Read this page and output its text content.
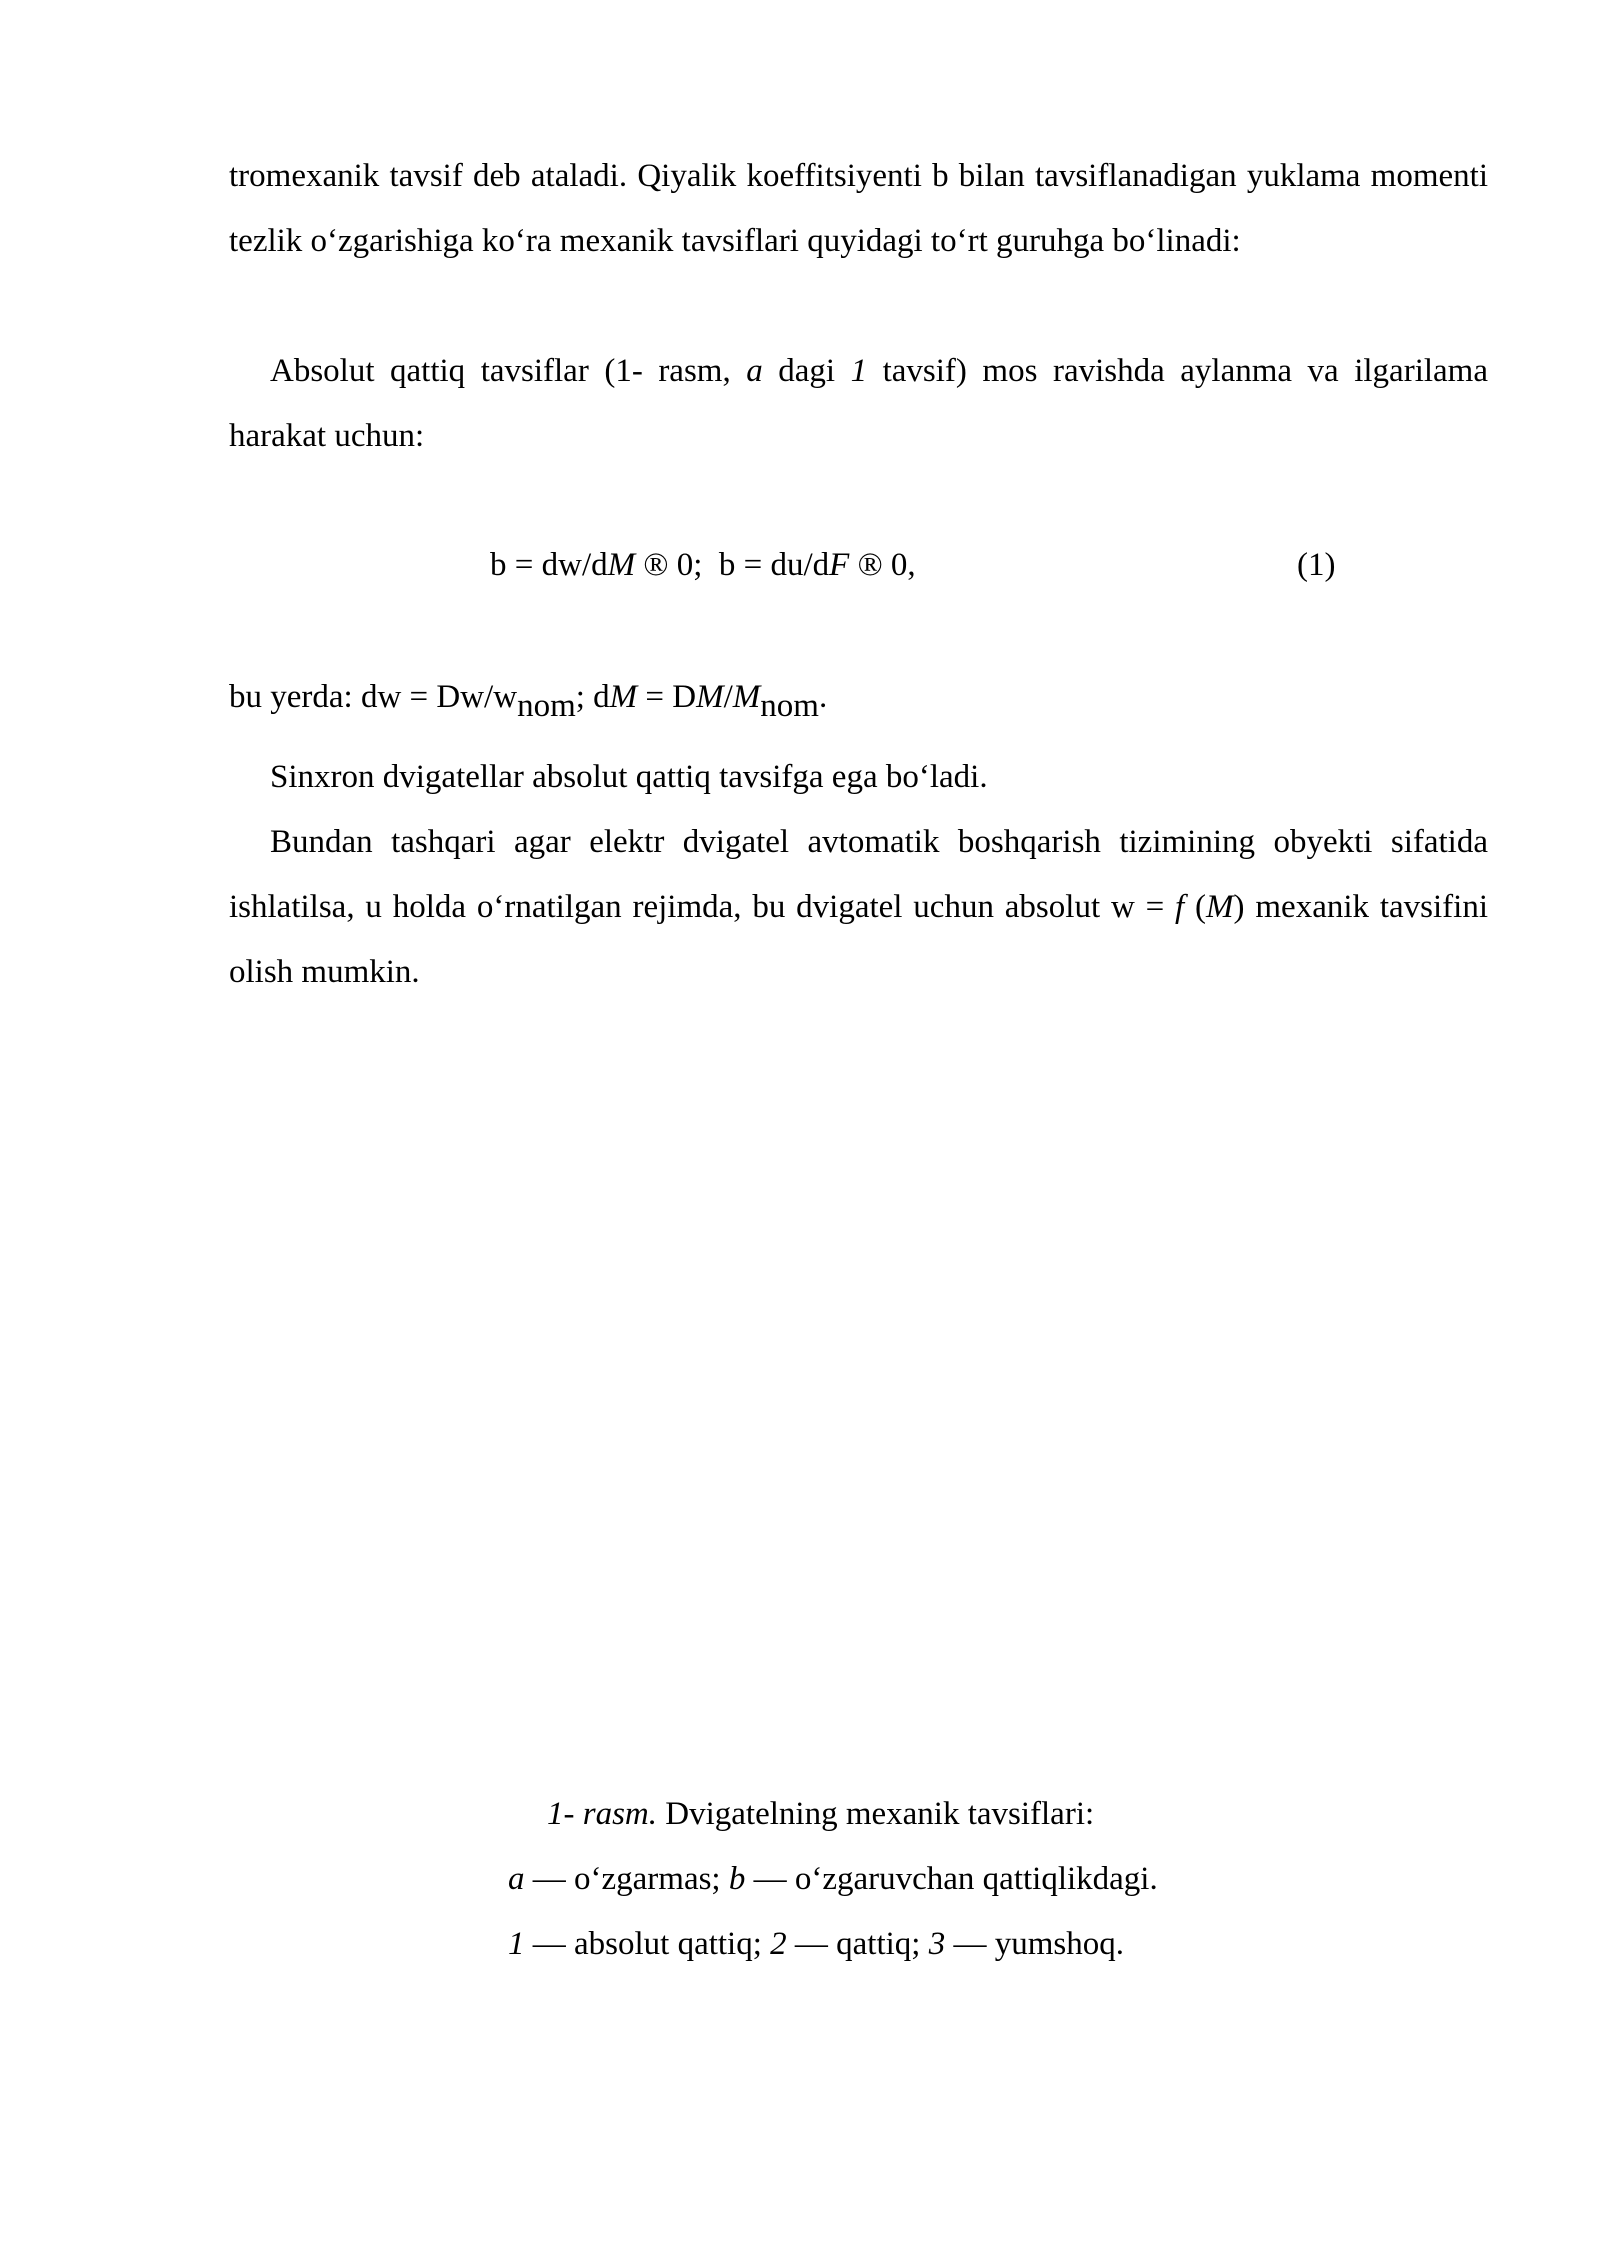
tromexanik tavsif deb ataladi. Qiyalik koeffitsiyenti b bilan tavsiflanadigan yuklama momenti tezlik o‘zgarishiga ko‘ra mexanik tavsiflari quyidagi to‘rt guruhga bo‘linadi:

Absolut qattiq tavsiflar (1- rasm, a dagi 1 tavsif) mos ravishda aylanma va ilgarilama harakat uchun:

b = dw/dM ® 0;  b = du/dF ® 0,	(1)
bu yerda: dw = $Dw/w_{nom}$; dM = $DM/M_{nom}$.

Sinxron dvigatellar absolut qattiq tavsifga ega bo‘ladi.

Bundan tashqari agar elektr dvigatel avtomatik boshqarish tizimining obyekti sifatida ishlatilsa, u holda o‘rnatilgan rejimda, bu dvigatel uchun absolut w = f (M) mexanik tavsifini olish mumkin.

1- rasm. Dvigatelning mexanik tavsiflari:
a — o‘zgarmas; b — o‘zgaruvchan qattiqlikdagi.
1 — absolut qattiq; 2 — qattiq; 3 — yumshoq.
